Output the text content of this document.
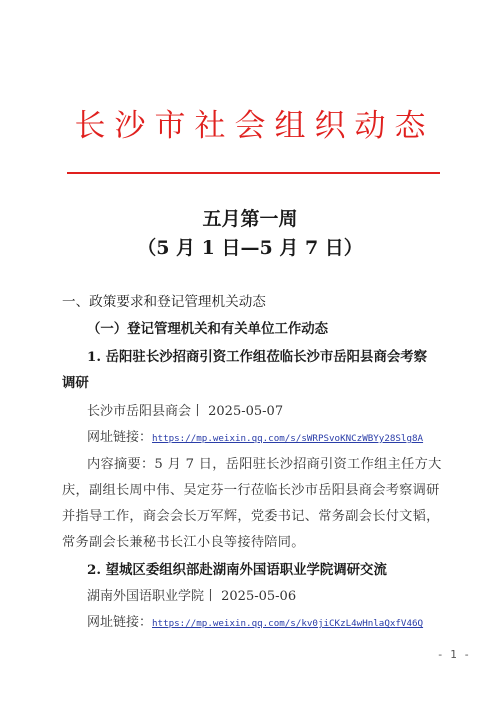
长沙市社会组织动态
五月第一周
（5 月 1 日—5 月 7 日）
一、政策要求和登记管理机关动态
（一）登记管理机关和有关单位工作动态
1. 岳阳驻长沙招商引资工作组莅临长沙市岳阳县商会考察
调研
长沙市岳阳县商会丨 2025-05-07
网址链接：https://mp.weixin.qq.com/s/sWRPSvoKNCzWBYy28Slg8A
内容摘要：5 月 7 日，岳阳驻长沙招商引资工作组主任方大
庆，副组长周中伟、吴定芬一行莅临长沙市岳阳县商会考察调研
并指导工作，商会会长万军辉，党委书记、常务副会长付文韬，
常务副会长兼秘书长江小良等接待陪同。
2. 望城区委组织部赴湖南外国语职业学院调研交流
湖南外国语职业学院丨 2025-05-06
网址链接：https://mp.weixin.qq.com/s/kv0jiCKzL4wHnlaQxfV46Q
- 1 -
